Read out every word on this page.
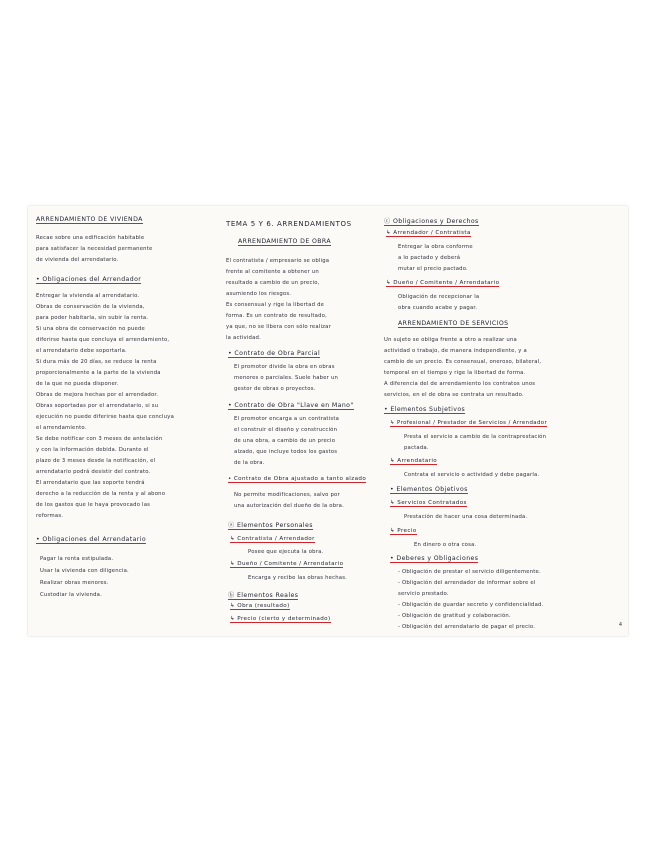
ARRENDAMIENTO DE VIVIENDA
Recae sobre una edificación habitable
para satisfacer la necesidad permanente
de vivienda del arrendatario.
• Obligaciones del Arrendador
Entregar la vivienda al arrendatario.
Obras de conservación de la vivienda,
para poder habitarla, sin subir la renta.
Si una obra de conservación no puede
diferirse hasta que concluya el arrendamiento,
el arrendatario debe soportarla.
Si dura más de 20 días, se reduce la renta
proporcionalmente a la parte de la vivienda
de la que no pueda disponer.
Obras de mejora hechas por el arrendador.
Obras soportadas por el arrendatario, si su
ejecución no puede diferirse hasta que concluya
el arrendamiento.
Se debe notificar con 3 meses de antelación
y con la información debida. Durante el
plazo de 3 meses desde la notificación, el
arrendatario podrá desistir del contrato.
El arrendatario que las soporte tendrá
derecho a la reducción de la renta y al abono
de los gastos que le haya provocado las
reformas.
• Obligaciones del Arrendatario
Pagar la renta estipulada.
Usar la vivienda con diligencia.
Realizar obras menores.
Custodiar la vivienda.
TEMA 5 Y 6. ARRENDAMIENTOS
ARRENDAMIENTO DE OBRA
El contratista / empresario se obliga
frente al comitente a obtener un
resultado a cambio de un precio,
asumiendo los riesgos.
Es consensual y rige la libertad de
forma. Es un contrato de resultado,
ya que, no se libera con sólo realizar
la actividad.
• Contrato de Obra Parcial
El promotor divide la obra en obras
menores o parciales. Suele haber un
gestor de obras o proyectos.
• Contrato de Obra "Llave en Mano"
El promotor encarga a un contratista
el construir el diseño y construcción
de una obra, a cambio de un precio
alzado, que incluye todos los gastos
de la obra.
• Contrato de Obra ajustado a tanto alzado
No permite modificaciones, salvo por
una autorización del dueño de la obra.
ⓐ Elementos Personales
↳ Contratista / Arrendador
Posee que ejecuta la obra.
↳ Dueño / Comitente / Arrendatario
Encarga y recibe las obras hechas.
ⓑ Elementos Reales
↳ Obra (resultado)
↳ Precio (cierto y determinado)
ⓒ Obligaciones y Derechos
↳ Arrendador / Contratista
Entregar la obra conforme
a lo pactado y deberá
mutar el precio pactado.
↳ Dueño / Comitente / Arrendatario
Obligación de recepcionar la
obra cuando acabe y pagar.
ARRENDAMIENTO DE SERVICIOS
Un sujeto se obliga frente a otro a realizar una
actividad o trabajo, de manera independiente, y a
cambio de un precio. Es consensual, oneroso, bilateral,
temporal en el tiempo y rige la libertad de forma.
A diferencia del de arrendamiento los contratos unos
servicios, en el de obra se contrata un resultado.
• Elementos Subjetivos
↳ Profesional / Prestador de Servicios / Arrendador
Presta el servicio a cambio de la contraprestación
pactada.
↳ Arrendatario
Contrata el servicio o actividad y debe pagarla.
• Elementos Objetivos
↳ Servicios Contratados
Prestación de hacer una cosa determinada.
↳ Precio
En dinero o otra cosa.
• Deberes y Obligaciones
- Obligación de prestar el servicio diligentemente.
- Obligación del arrendador de informar sobre el
servicio prestado.
- Obligación de guardar secreto y confidencialidad.
- Obligación de gratitud y colaboración.
- Obligación del arrendatario de pagar el precio.	4
